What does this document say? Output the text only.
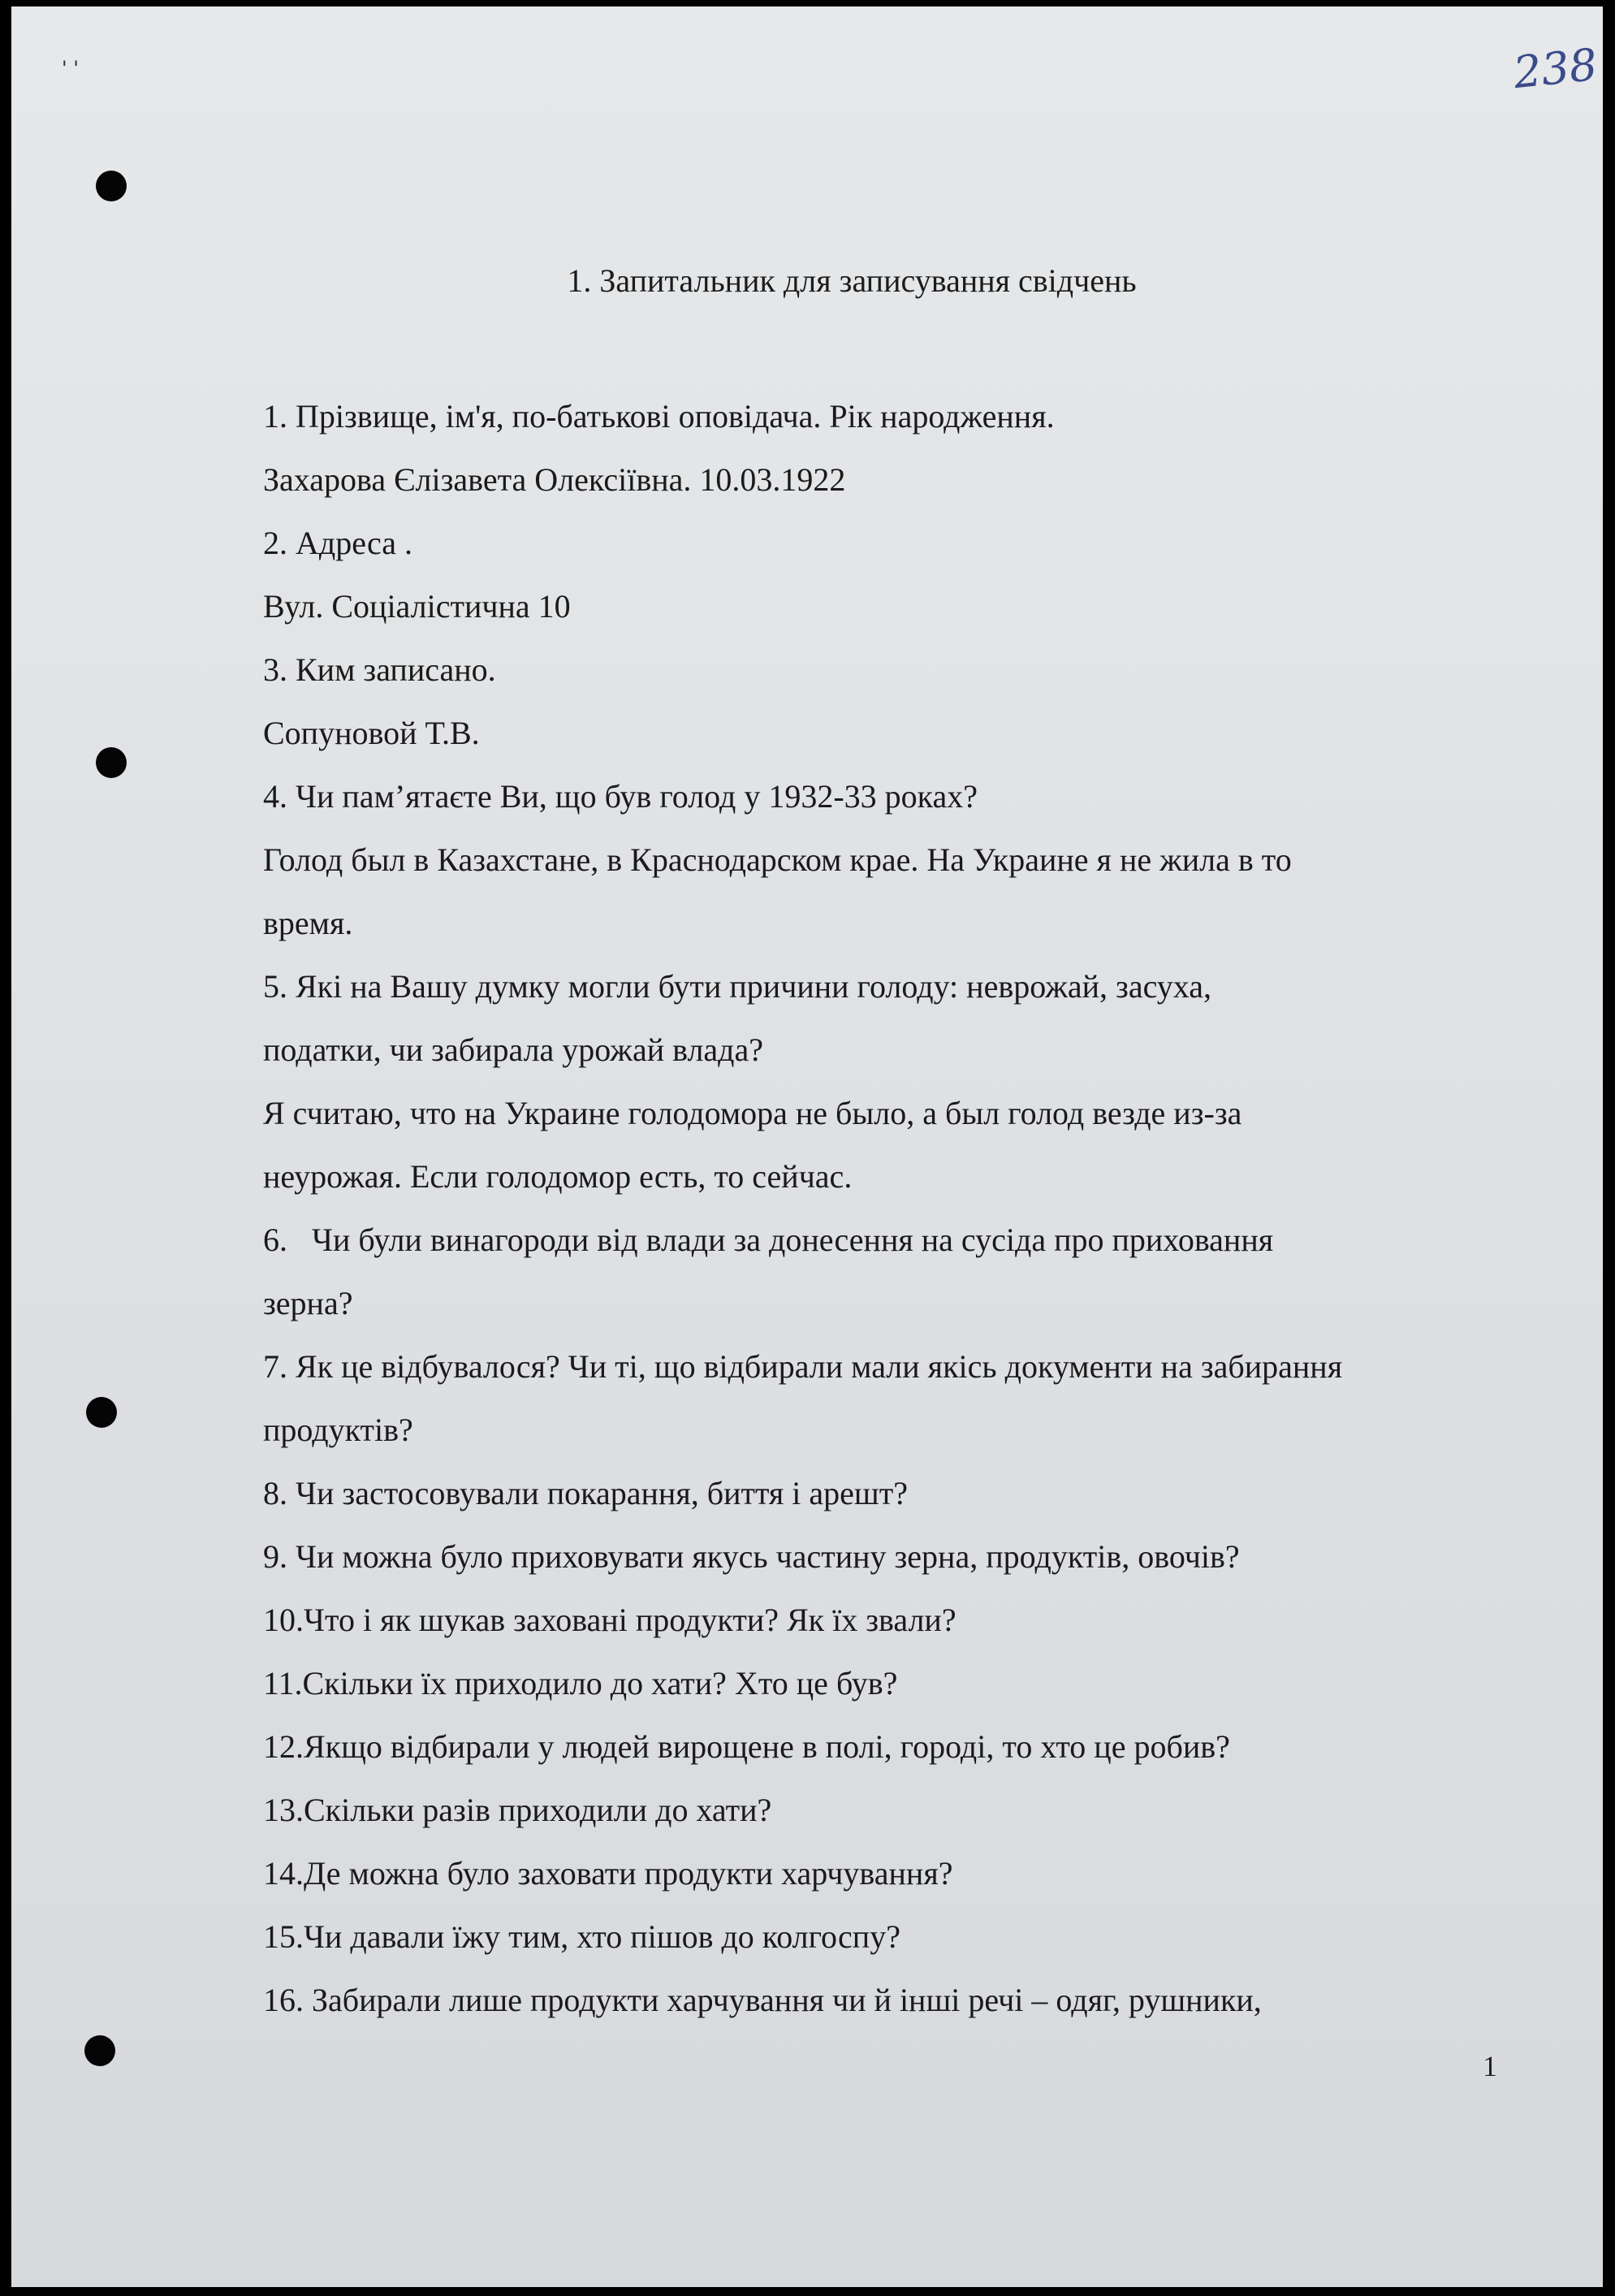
' '	238
1. Запитальник для записування свідчень
1. Прізвище, ім'я, по-батькові оповідача. Рік народження.
Захарова Єлізавета Олексіївна. 10.03.1922
2. Адреса .
Вул. Соціалістична 10
3. Ким записано.
Сопуновой Т.В.
4. Чи пам’ятаєте Ви, що був голод у 1932-33 роках?
Голод был в Казахстане, в Краснодарском крае. На Украине я не жила в то
время.
5. Які на Вашу думку могли бути причини голоду: неврожай, засуха,
податки, чи забирала урожай влада?
Я считаю, что на Украине голодомора не было, а был голод везде из-за
неурожая. Если голодомор есть, то сейчас.
6.   Чи були винагороди від влади за донесення на сусіда про приховання
зерна?
7. Як це відбувалося? Чи ті, що відбирали мали якісь документи на забирання
продуктів?
8. Чи застосовували покарання, биття і арешт?
9. Чи можна було приховувати якусь частину зерна, продуктів, овочів?
10.Что і як шукав заховані продукти? Як їх звали?
11.Скільки їх приходило до хати? Хто це був?
12.Якщо відбирали у людей вирощене в полі, городі, то хто це робив?
13.Скільки разів приходили до хати?
14.Де можна було заховати продукти харчування?
15.Чи давали їжу тим, хто пішов до колгоспу?
16. Забирали лише продукти харчування чи й інші речі – одяг, рушники,
1
